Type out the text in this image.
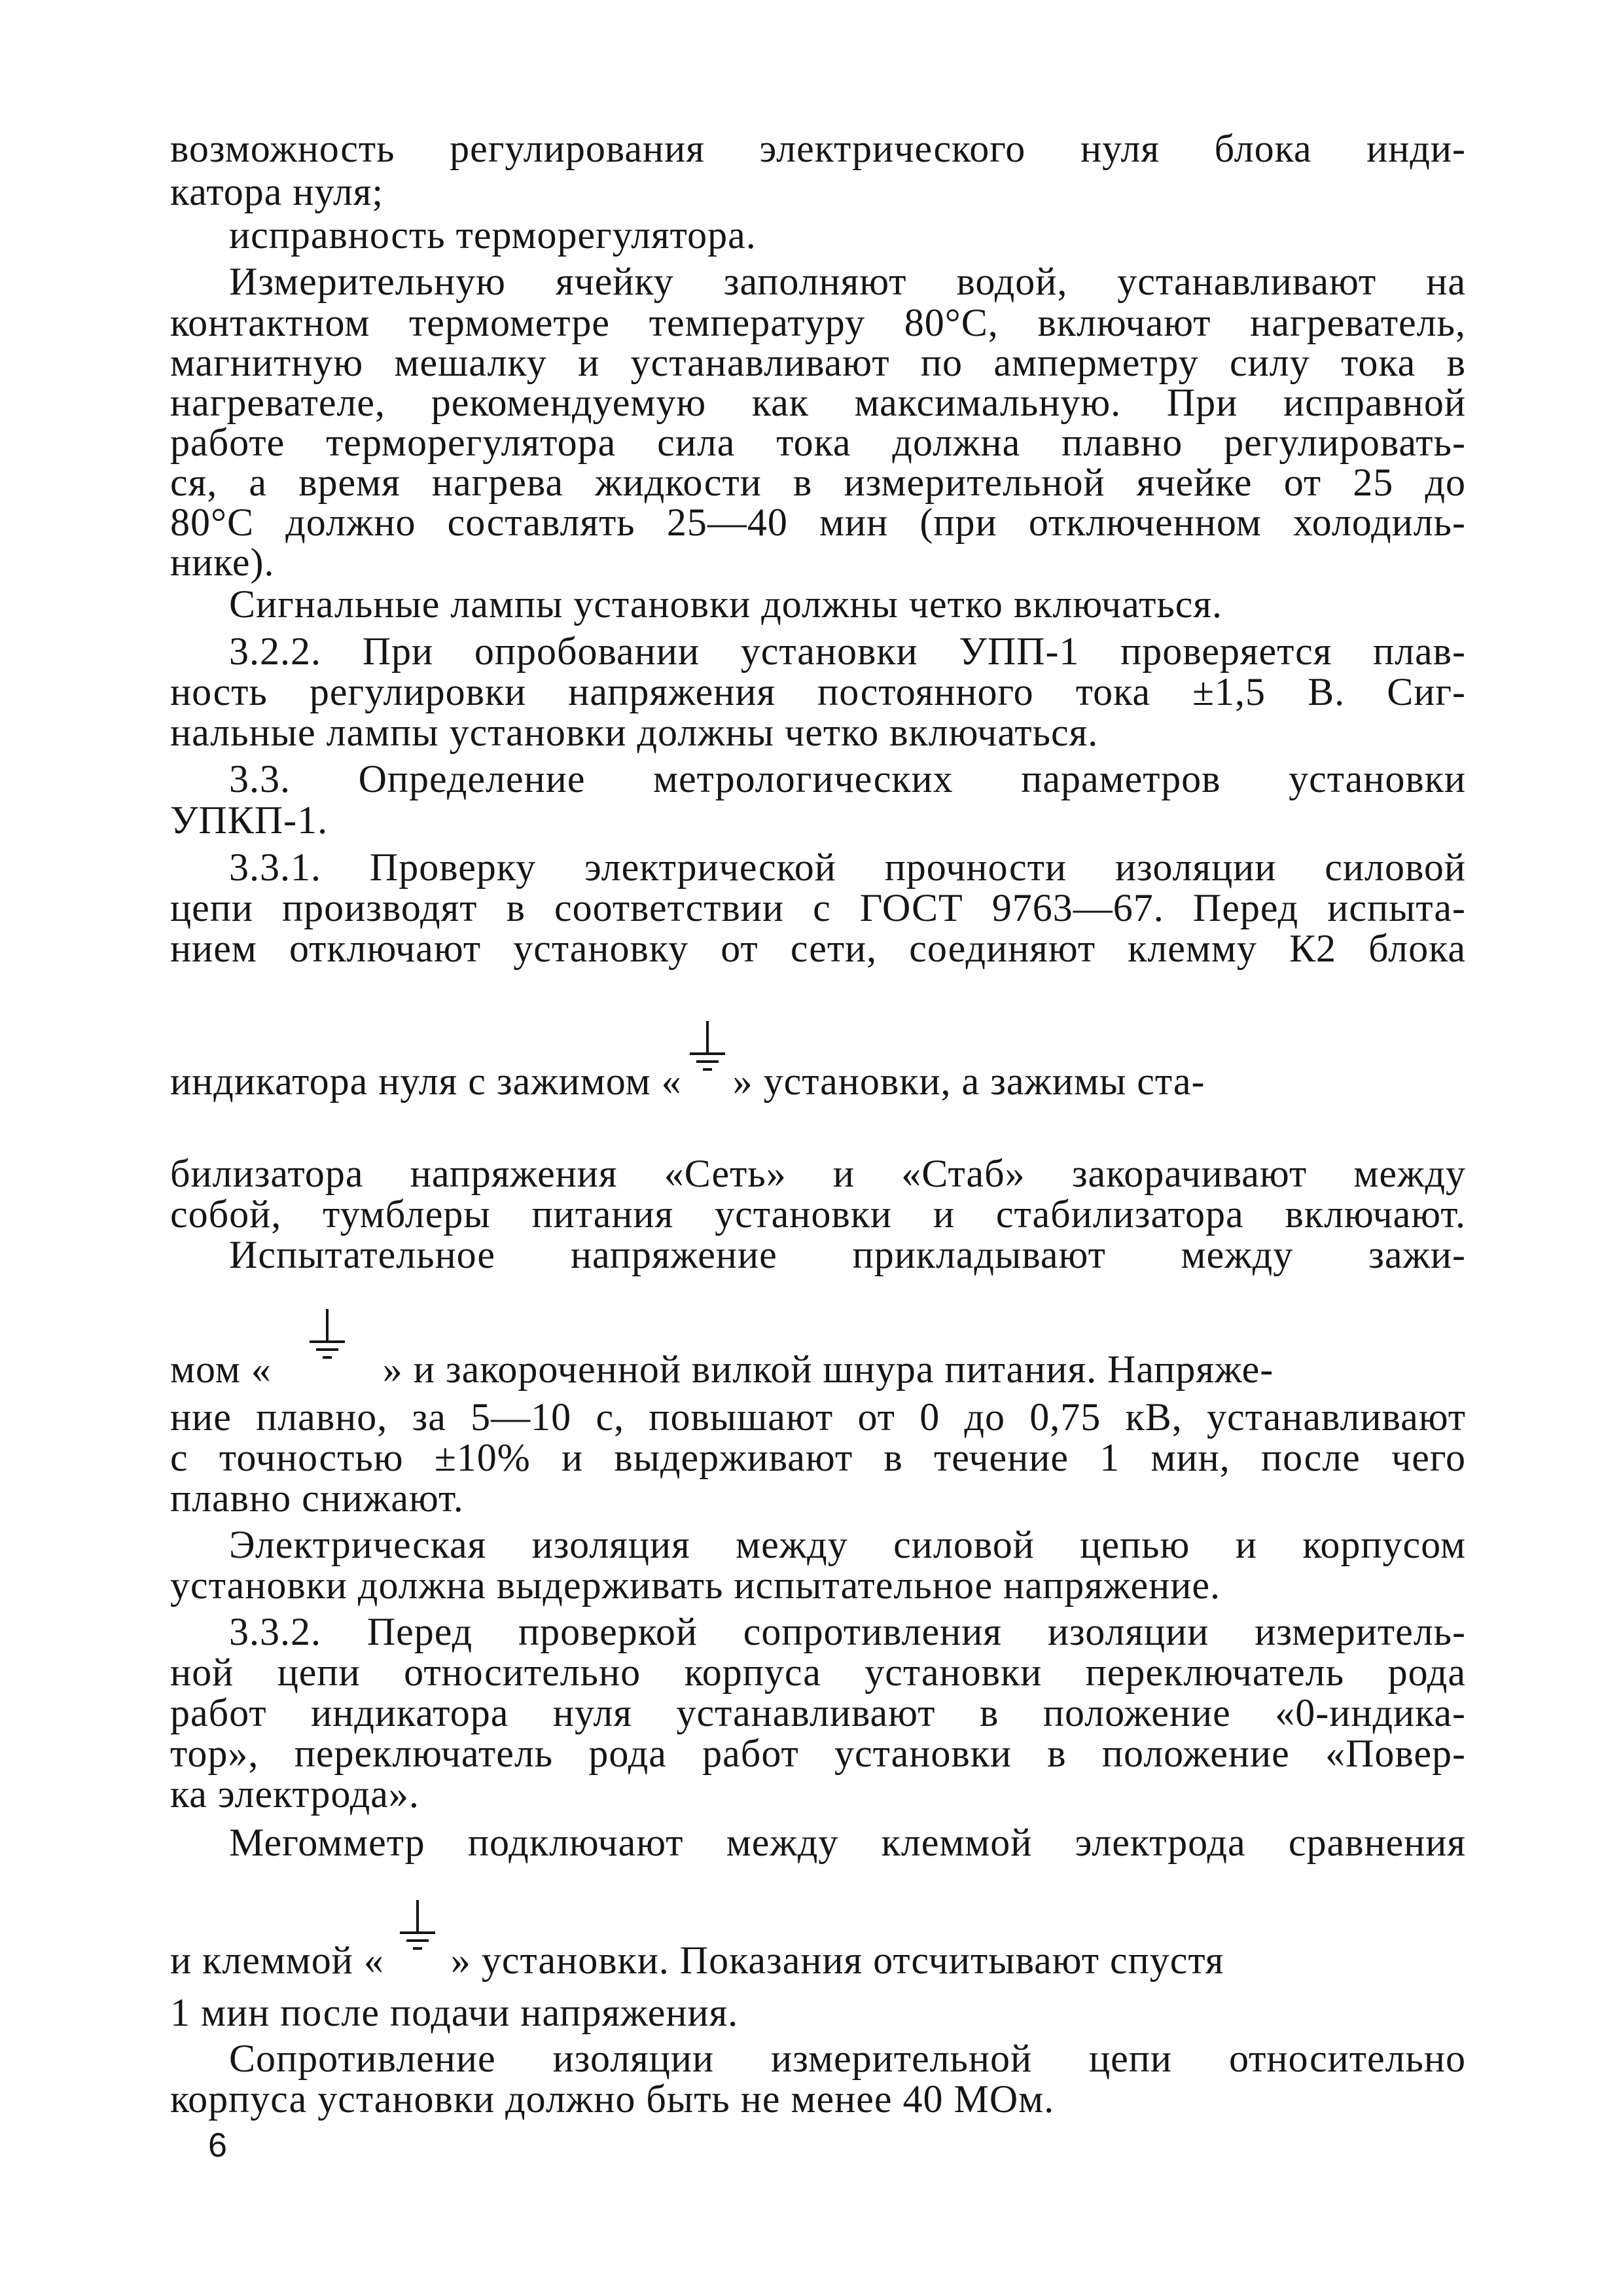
возможность регулирования электрического нуля блока инди-
катора нуля;
исправность терморегулятора.
Измерительную ячейку заполняют водой, устанавливают на
контактном термометре температуру 80°С, включают нагреватель,
магнитную мешалку и устанавливают по амперметру силу тока в
нагревателе, рекомендуемую как максимальную. При исправной
работе терморегулятора сила тока должна плавно регулировать-
ся, а время нагрева жидкости в измерительной ячейке от 25 до
80°С должно составлять 25—40 мин (при отключенном холодиль-
нике).
Сигнальные лампы установки должны четко включаться.
3.2.2. При опробовании установки УПП-1 проверяется плав-
ность регулировки напряжения постоянного тока ±1,5 В. Сиг-
нальные лампы установки должны четко включаться.
3.3. Определение метрологических параметров установки
УПКП-1.
3.3.1. Проверку электрической прочности изоляции силовой
цепи производят в соответствии с ГОСТ 9763—67. Перед испыта-
нием отключают установку от сети, соединяют клемму К2 блока
индикатора нуля с зажимом « » установки, а зажимы ста-
билизатора напряжения «Сеть» и «Стаб» закорачивают между
собой, тумблеры питания установки и стабилизатора включают.
Испытательное напряжение прикладывают между зажи-
мом «	» и закороченной вилкой шнура питания. Напряже-
ние плавно, за 5—10 с, повышают от 0 до 0,75 кВ, устанавливают
с точностью ±10% и выдерживают в течение 1 мин, после чего
плавно снижают.
Электрическая изоляция между силовой цепью и корпусом
установки должна выдерживать испытательное напряжение.
3.3.2. Перед проверкой сопротивления изоляции измеритель-
ной цепи относительно корпуса установки переключатель рода
работ индикатора нуля устанавливают в положение «0-индика-
тор», переключатель рода работ установки в положение «Повер-
ка электрода».
Мегомметр подключают между клеммой электрода сравнения
и клеммой « » установки. Показания отсчитывают спустя
1 мин после подачи напряжения.
Сопротивление изоляции измерительной цепи относительно
корпуса установки должно быть не менее 40 МОм.
6
